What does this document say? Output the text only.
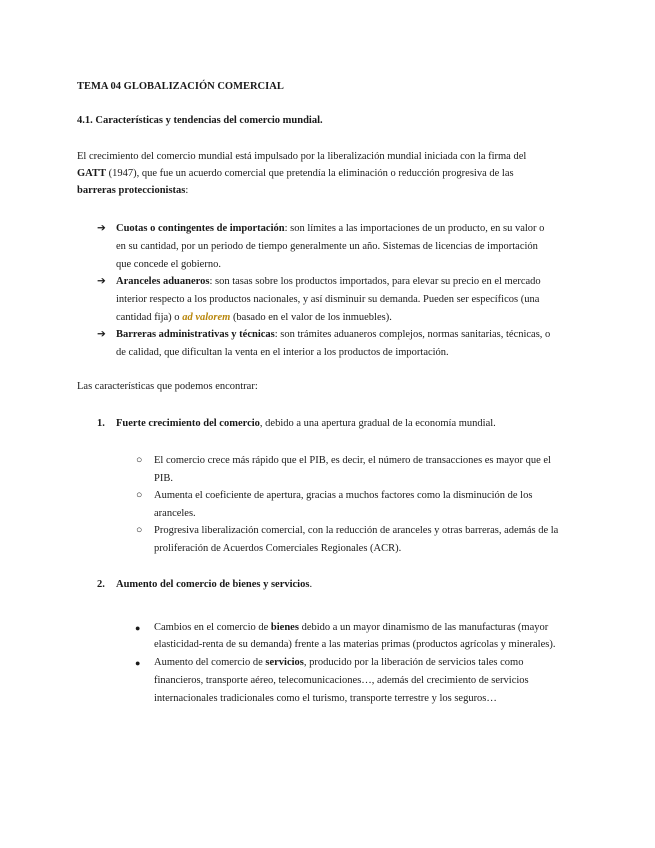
TEMA 04 GLOBALIZACIÓN COMERCIAL
4.1. Características y tendencias del comercio mundial.
El crecimiento del comercio mundial está impulsado por la liberalización mundial iniciada con la firma del
GATT (1947), que fue un acuerdo comercial que pretendía la eliminación o reducción progresiva de las
barreras proteccionistas:
➔ Cuotas o contingentes de importación: son límites a las importaciones de un producto, en su valor o
en su cantidad, por un periodo de tiempo generalmente un año. Sistemas de licencias de importación
que concede el gobierno.
➔ Aranceles aduaneros: son tasas sobre los productos importados, para elevar su precio en el mercado
interior respecto a los productos nacionales, y así disminuir su demanda. Pueden ser específicos (una
cantidad fija) o ad valorem (basado en el valor de los inmuebles).
➔ Barreras administrativas y técnicas: son trámites aduaneros complejos, normas sanitarias, técnicas, o
de calidad, que dificultan la venta en el interior a los productos de importación.
Las características que podemos encontrar:
1. Fuerte crecimiento del comercio, debido a una apertura gradual de la economía mundial.
○ El comercio crece más rápido que el PIB, es decir, el número de transacciones es mayor que el
PIB.
○ Aumenta el coeficiente de apertura, gracias a muchos factores como la disminución de los
aranceles.
○ Progresiva liberalización comercial, con la reducción de aranceles y otras barreras, además de la
proliferación de Acuerdos Comerciales Regionales (ACR).
2. Aumento del comercio de bienes y servicios.
● Cambios en el comercio de bienes debido a un mayor dinamismo de las manufacturas (mayor
elasticidad-renta de su demanda) frente a las materias primas (productos agrícolas y minerales).
● Aumento del comercio de servicios, producido por la liberación de servicios tales como
financieros, transporte aéreo, telecomunicaciones…, además del crecimiento de servicios
internacionales tradicionales como el turismo, transporte terrestre y los seguros…
